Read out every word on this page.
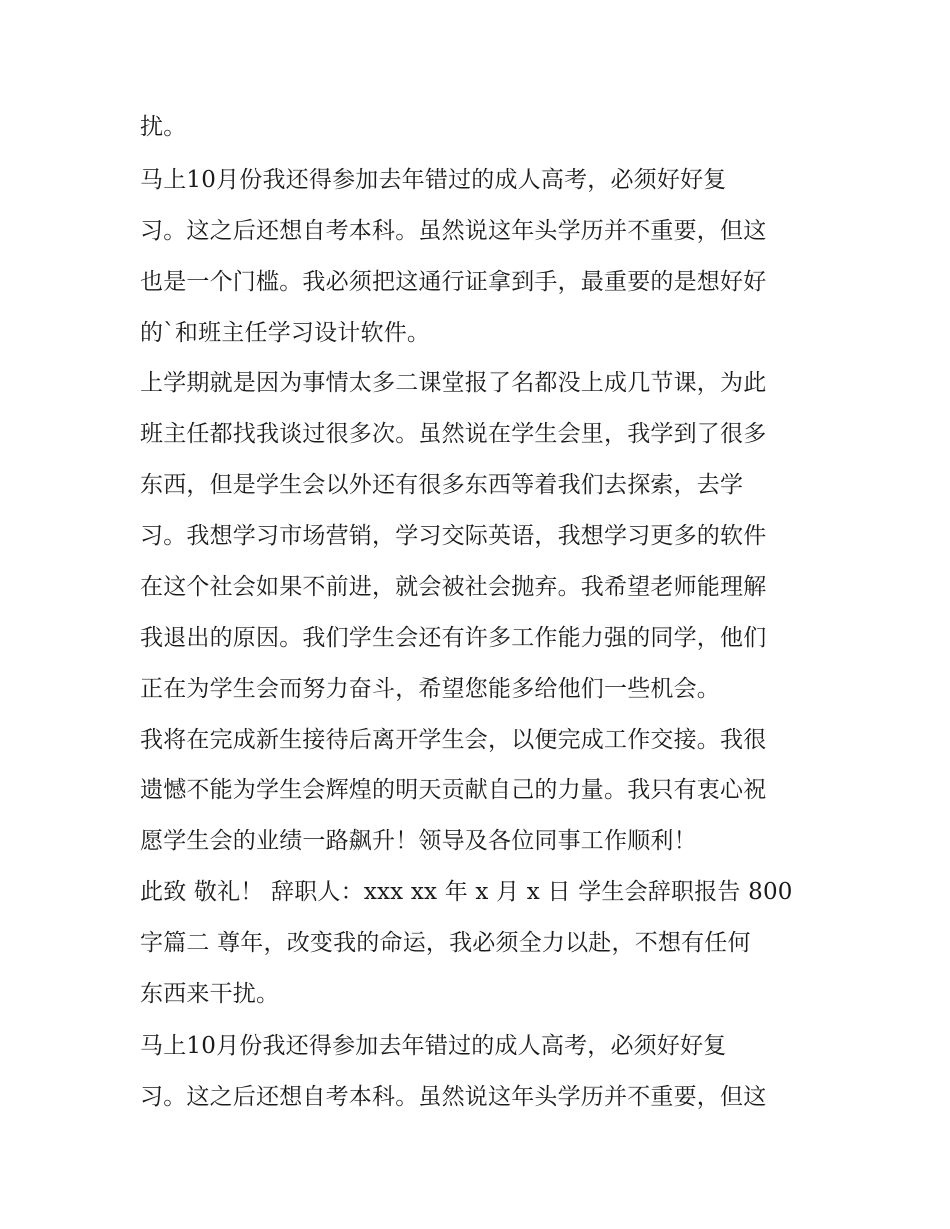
扰。
马上10月份我还得参加去年错过的成人高考，必须好好复
习。这之后还想自考本科。虽然说这年头学历并不重要，但这
也是一个门槛。我必须把这通行证拿到手，最重要的是想好好
的`和班主任学习设计软件。
上学期就是因为事情太多二课堂报了名都没上成几节课，为此
班主任都找我谈过很多次。虽然说在学生会里，我学到了很多
东西，但是学生会以外还有很多东西等着我们去探索，去学
习。我想学习市场营销，学习交际英语，我想学习更多的软件
在这个社会如果不前进，就会被社会抛弃。我希望老师能理解
我退出的原因。我们学生会还有许多工作能力强的同学，他们
正在为学生会而努力奋斗，希望您能多给他们一些机会。
我将在完成新生接待后离开学生会，以便完成工作交接。我很
遗憾不能为学生会辉煌的明天贡献自己的力量。我只有衷心祝
愿学生会的业绩一路飙升！领导及各位同事工作顺利！
此致 敬礼！ 辞职人：xxx xx 年 x 月 x 日 学生会辞职报告 800
字篇二 尊年，改变我的命运，我必须全力以赴，不想有任何
东西来干扰。
马上10月份我还得参加去年错过的成人高考，必须好好复
习。这之后还想自考本科。虽然说这年头学历并不重要，但这
